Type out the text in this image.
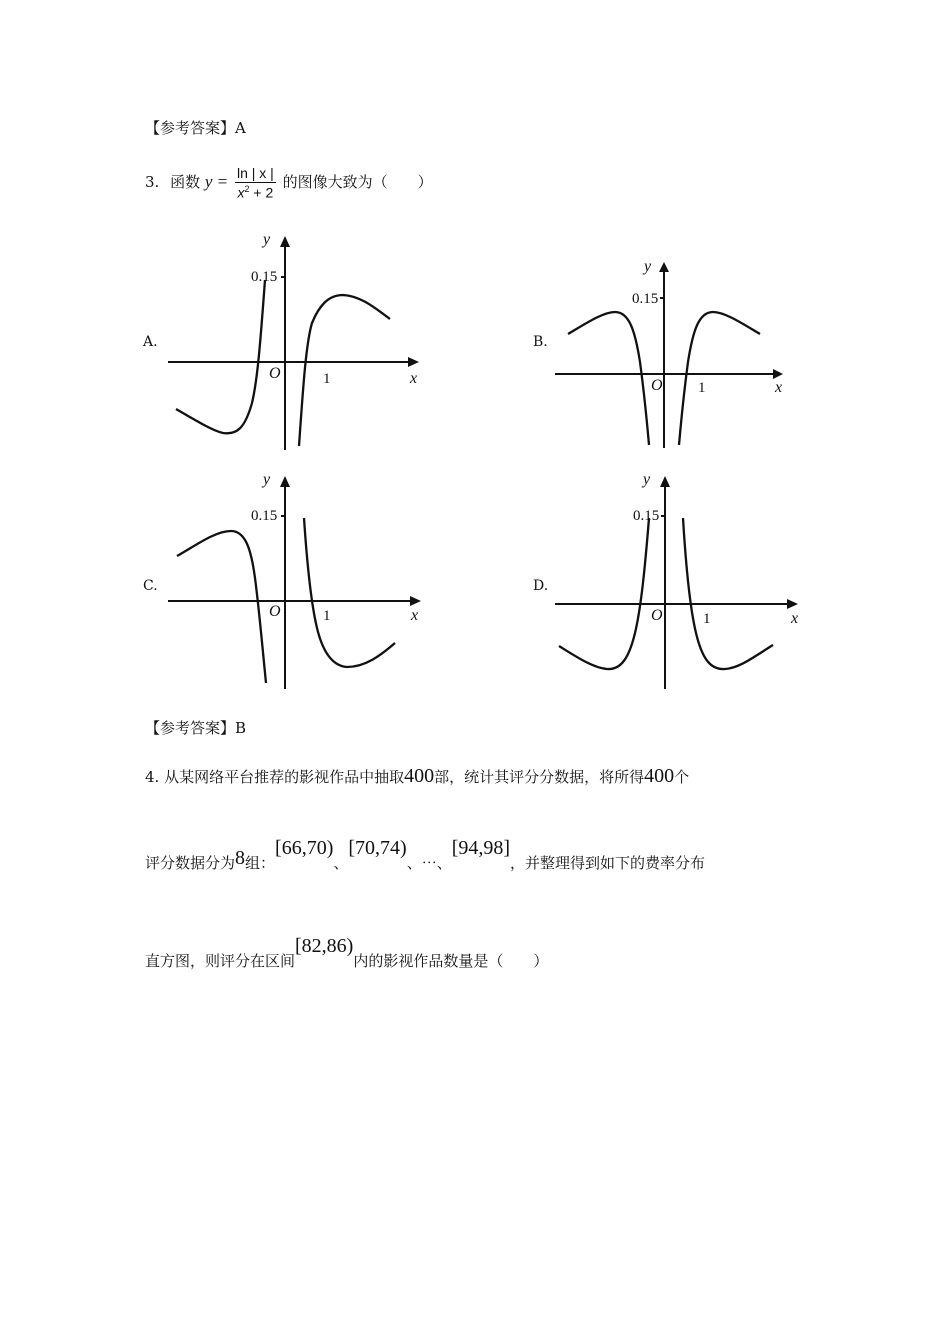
【参考答案】A
3. 函数 $y = \frac{\ln | x |}{x^2 + 2}$ 的图像大致为（　　）
A.
0.15
y
x
O	1
B.
0.15
y
x
O 1
C.
0.15
y
x
O	1
D.
0.15
y
x
O	1
【参考答案】B
4. 从某网络平台推荐的影视作品中抽取400部，统计其评分分数据，将所得400个
评分数据分为8组：[66,70)、[70,74)、⋯、[94,98]，并整理得到如下的费率分布
直方图，则评分在区间[82,86)内的影视作品数量是（　　）
